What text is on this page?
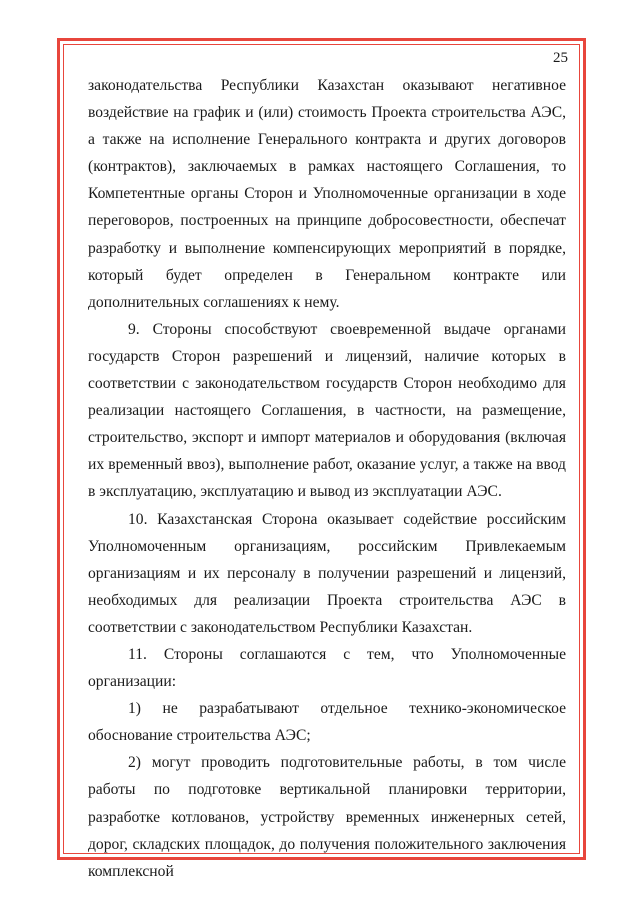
25

законодательства Республики Казахстан оказывают негативное воздействие на график и (или) стоимость Проекта строительства АЭС, а также на исполнение Генерального контракта и других договоров (контрактов), заключаемых в рамках настоящего Соглашения, то Компетентные органы Сторон и Уполномоченные организации в ходе переговоров, построенных на принципе добросовестности, обеспечат разработку и выполнение компенсирующих мероприятий в порядке, который будет определен в Генеральном контракте или дополнительных соглашениях к нему.

9. Стороны способствуют своевременной выдаче органами государств Сторон разрешений и лицензий, наличие которых в соответствии с законодательством государств Сторон необходимо для реализации настоящего Соглашения, в частности, на размещение, строительство, экспорт и импорт материалов и оборудования (включая их временный ввоз), выполнение работ, оказание услуг, а также на ввод в эксплуатацию, эксплуатацию и вывод из эксплуатации АЭС.

10. Казахстанская Сторона оказывает содействие российским Уполномоченным организациям, российским Привлекаемым организациям и их персоналу в получении разрешений и лицензий, необходимых для реализации Проекта строительства АЭС в соответствии с законодательством Республики Казахстан.

11. Стороны соглашаются с тем, что Уполномоченные организации:

1) не разрабатывают отдельное технико-экономическое обоснование строительства АЭС;

2) могут проводить подготовительные работы, в том числе работы по подготовке вертикальной планировки территории, разработке котлованов, устройству временных инженерных сетей, дорог, складских площадок, до получения положительного заключения комплексной
